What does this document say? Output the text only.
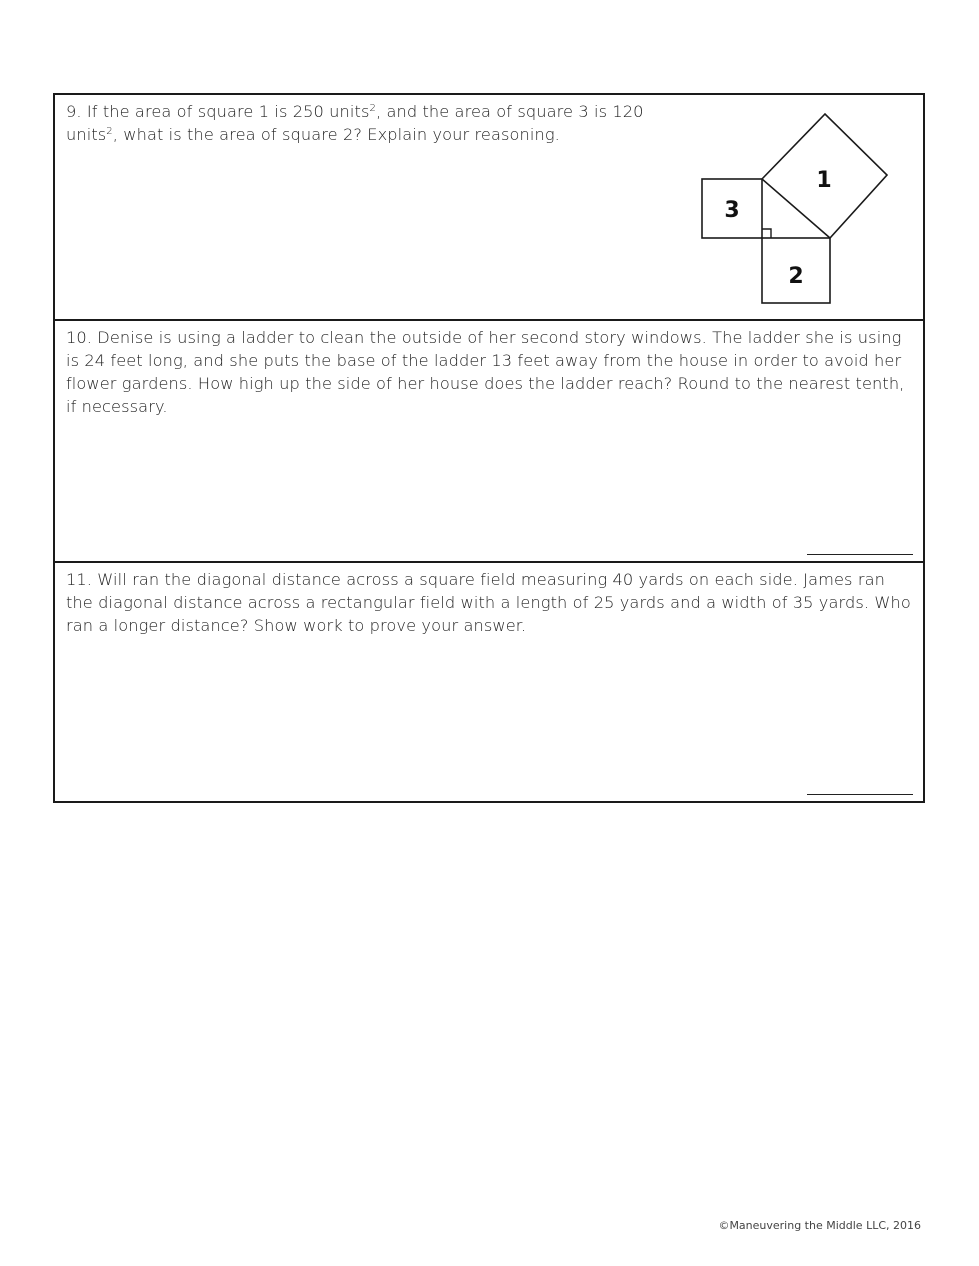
9. If the area of square 1 is 250 units$^2$, and the area of square 3 is 120 units$^2$, what is the area of square 2? Explain your reasoning.

3
2
1

10. Denise is using a ladder to clean the outside of her second story windows. The ladder she is using is 24 feet long, and she puts the base of the ladder 13 feet away from the house in order to avoid her flower gardens. How high up the side of her house does the ladder reach? Round to the nearest tenth, if necessary.

11. Will ran the diagonal distance across a square field measuring 40 yards on each side. James ran the diagonal distance across a rectangular field with a length of 25 yards and a width of 35 yards. Who ran a longer distance? Show work to prove your answer.

©Maneuvering the Middle LLC, 2016
